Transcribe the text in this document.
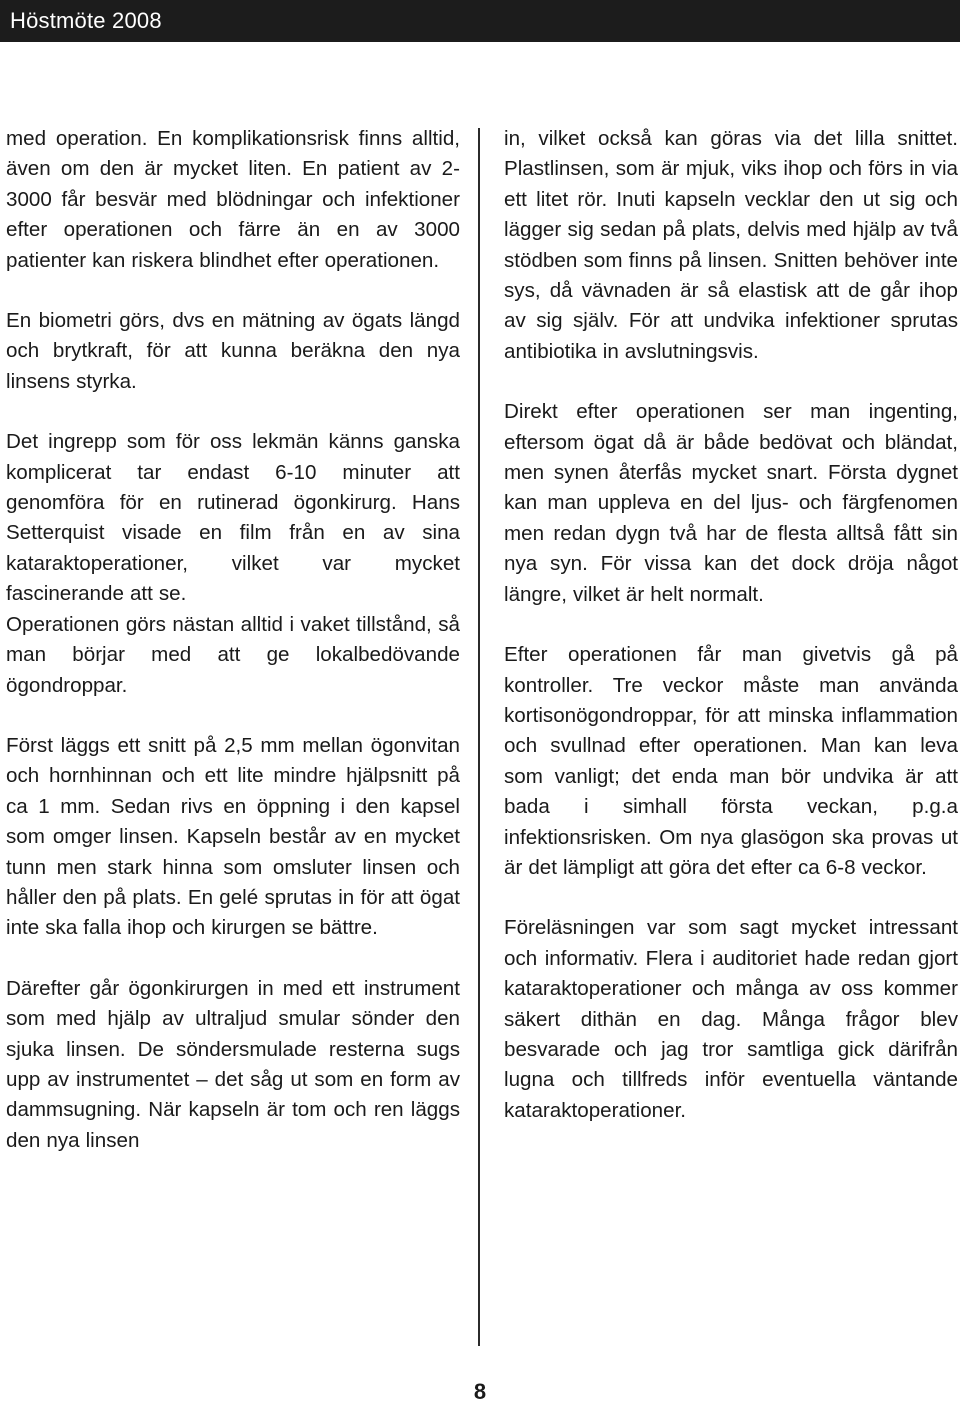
Höstmöte 2008

med operation. En komplikationsrisk finns alltid, även om den är mycket liten. En patient av 2-3000 får besvär med blödningar och infektioner efter operationen och färre än en av 3000 patienter kan riskera blindhet efter operationen.

En biometri görs, dvs en mätning av ögats längd och brytkraft, för att kunna beräkna den nya linsens styrka.

Det ingrepp som för oss lekmän känns ganska komplicerat tar endast 6-10 minuter att genomföra för en rutinerad ögonkirurg. Hans Setterquist visade en film från en av sina kataraktoperationer, vilket var mycket fascinerande att se.

Operationen görs nästan alltid i vaket tillstånd, så man börjar med att ge lokalbedövande ögondroppar.

Först läggs ett snitt på 2,5 mm mellan ögonvitan och hornhinnan och ett lite mindre hjälpsnitt på ca 1 mm. Sedan rivs en öppning i den kapsel som omger linsen. Kapseln består av en mycket tunn men stark hinna som omsluter linsen och håller den på plats. En gelé sprutas in för att ögat inte ska falla ihop och kirurgen se bättre.

Därefter går ögonkirurgen in med ett instrument som med hjälp av ultraljud smular sönder den sjuka linsen. De söndersmulade resterna sugs upp av instrumentet – det såg ut som en form av dammsugning. När kapseln är tom och ren läggs den nya linsen

in, vilket också kan göras via det lilla snittet. Plastlinsen, som är mjuk, viks ihop och förs in via ett litet rör. Inuti kapseln vecklar den ut sig och lägger sig sedan på plats, delvis med hjälp av två stödben som finns på linsen. Snitten behöver inte sys, då vävnaden är så elastisk att de går ihop av sig själv. För att undvika infektioner sprutas antibiotika in avslutningsvis.

Direkt efter operationen ser man ingenting, eftersom ögat då är både bedövat och bländat, men synen återfås mycket snart. Första dygnet kan man uppleva en del ljus- och färgfenomen men redan dygn två har de flesta alltså fått sin nya syn. För vissa kan det dock dröja något längre, vilket är helt normalt.

Efter operationen får man givetvis gå på kontroller. Tre veckor måste man använda kortisonögondroppar, för att minska inflammation och svullnad efter operationen. Man kan leva som vanligt; det enda man bör undvika är att bada i simhall första veckan, p.g.a infektionsrisken. Om nya glasögon ska provas ut är det lämpligt att göra det efter ca 6-8 veckor.

Föreläsningen var som sagt mycket intressant och informativ. Flera i auditoriet hade redan gjort kataraktoperationer och många av oss kommer säkert dithän en dag. Många frågor blev besvarade och jag tror samtliga gick därifrån lugna och tillfreds inför eventuella väntande kataraktoperationer.

8
